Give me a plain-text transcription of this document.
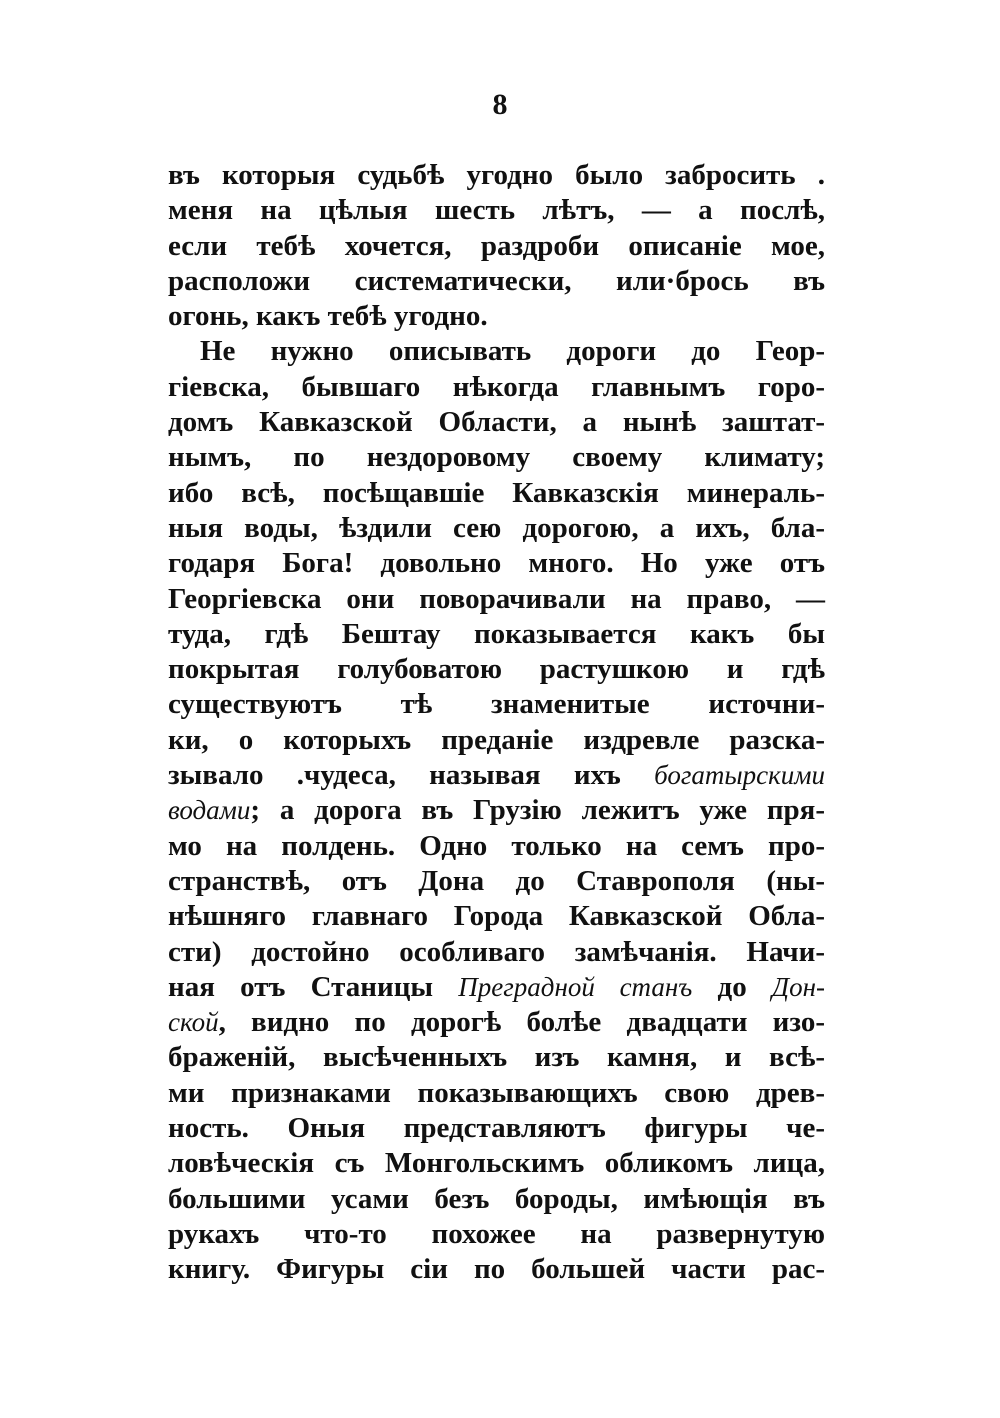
8
въ которыя судьбѣ угодно было забросить .
меня на цѣлыя шесть лѣтъ, — а послѣ,
если тебѣ хочется, раздроби описаніе мое,
расположи систематически, или·брось въ
огонь, какъ тебѣ угодно.
Не нужно описывать дороги до Геор-
гіевска, бывшаго нѣкогда главнымъ горо-
домъ Кавказской Области, а нынѣ заштат-
нымъ, по нездоровому своему климату;
ибо всѣ, посѣщавшіе Кавказскія минераль-
ныя воды, ѣздили сею дорогою, а ихъ, бла-
годаря Бога! довольно много. Но уже отъ
Георгіевска они поворачивали на право, —
туда, гдѣ Бештау показывается какъ бы
покрытая голубоватою растушкою и гдѣ
существуютъ тѣ знаменитые источни-
ки, о которыхъ преданіе издревле разска-
зывало .чудеса, называя ихъ богатырскими
водами; а дорога въ Грузію лежитъ уже пря-
мо на полдень. Одно только на семъ про-
странствѣ, отъ Дона до Ставрополя (ны-
нѣшняго главнаго Города Кавказской Обла-
сти) достойно особливаго замѣчанія. Начи-
ная отъ Станицы Преградной станъ до Дон-
ской, видно по дорогѣ болѣе двадцати изо-
браженій, высѣченныхъ изъ камня, и всѣ-
ми признаками показывающихъ свою древ-
ность. Оныя представляютъ фигуры че-
ловѣческія съ Монгольскимъ обликомъ лица,
большими усами безъ бороды, имѣющія въ
рукахъ что-то похожее на развернутую
книгу. Фигуры сіи по большей части рас-
